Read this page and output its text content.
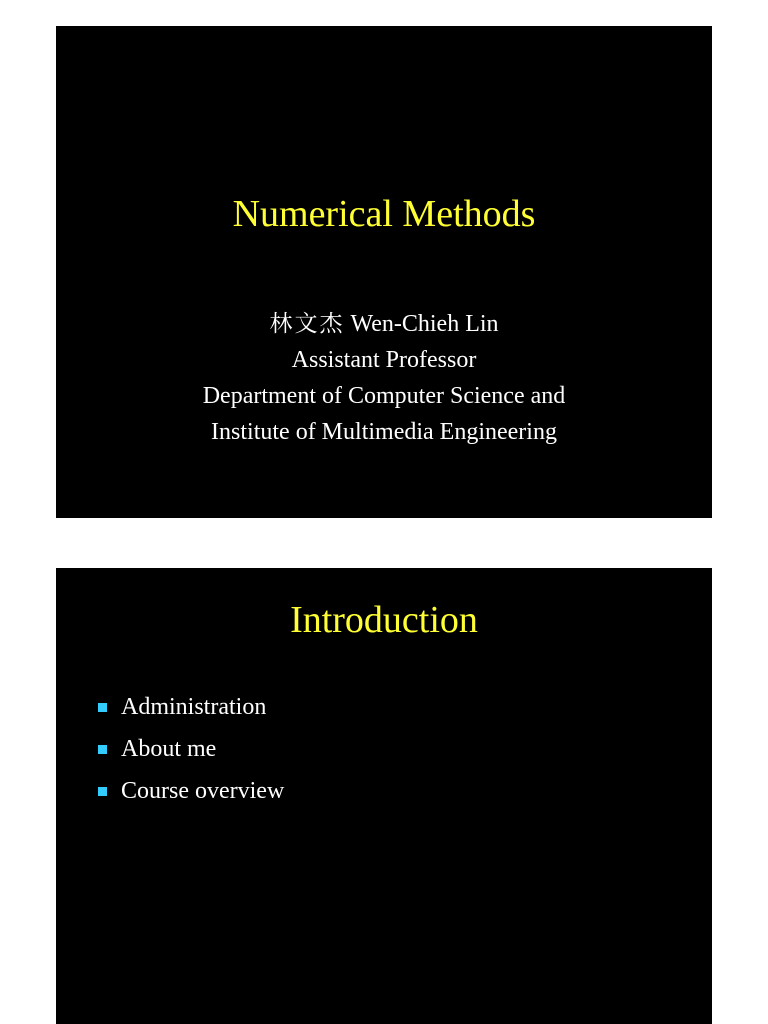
Numerical Methods
林文杰 Wen-Chieh Lin
Assistant Professor
Department of Computer Science and
Institute of Multimedia Engineering
Introduction
Administration
About me
Course overview
